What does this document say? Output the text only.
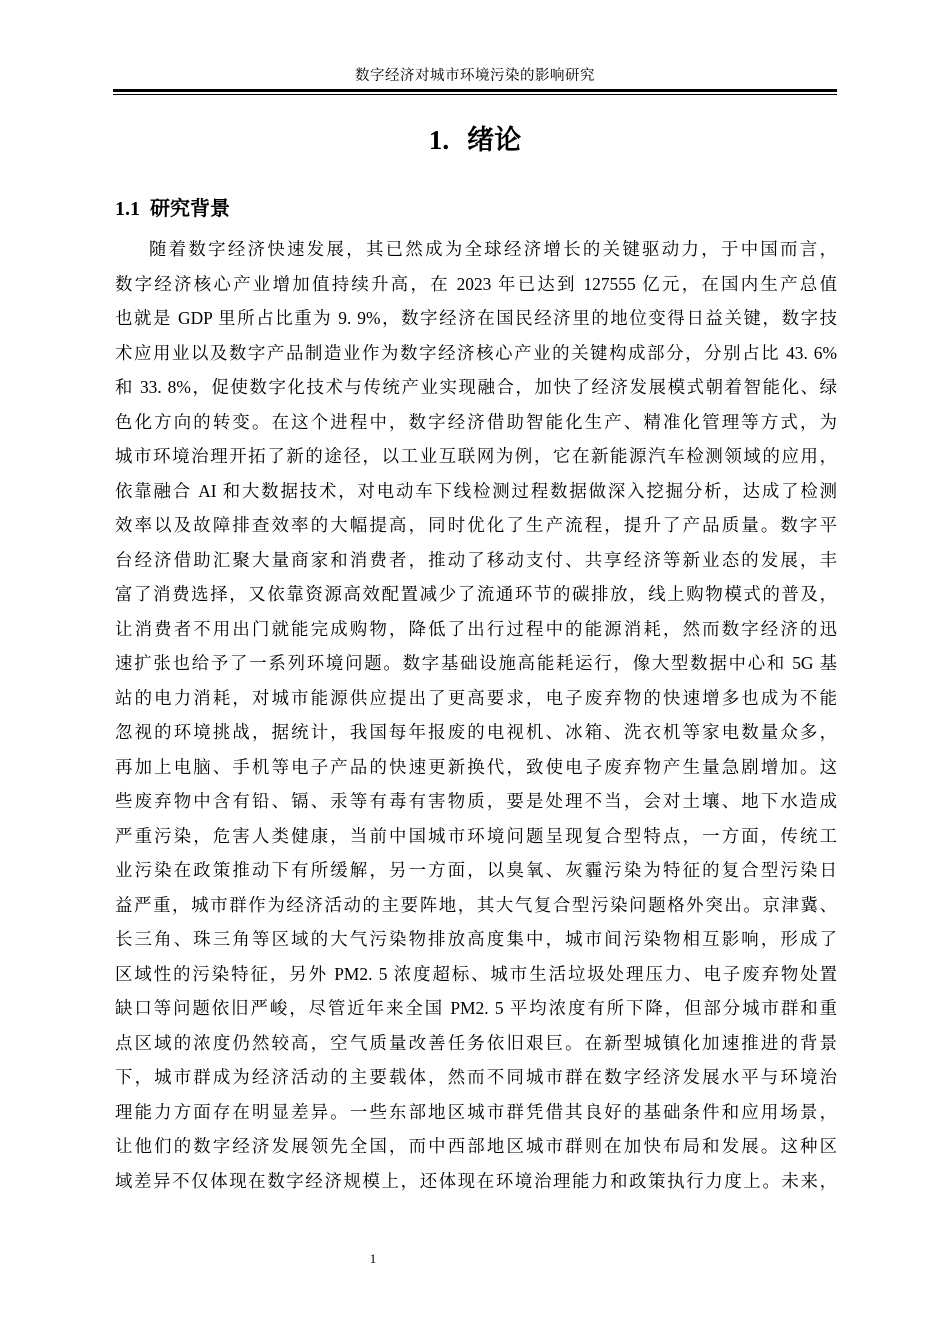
数字经济对城市环境污染的影响研究
1. 绪论
1.1 研究背景
随着数字经济快速发展，其已然成为全球经济增长的关键驱动力，于中国而言，
数字经济核心产业增加值持续升高，在 2023 年已达到 127555 亿元，在国内生产总值
也就是 GDP 里所占比重为 9. 9%，数字经济在国民经济里的地位变得日益关键，数字技
术应用业以及数字产品制造业作为数字经济核心产业的关键构成部分，分别占比 43. 6%
和 33. 8%，促使数字化技术与传统产业实现融合，加快了经济发展模式朝着智能化、绿
色化方向的转变。在这个进程中，数字经济借助智能化生产、精准化管理等方式，为
城市环境治理开拓了新的途径，以工业互联网为例，它在新能源汽车检测领域的应用，
依靠融合 AI 和大数据技术，对电动车下线检测过程数据做深入挖掘分析，达成了检测
效率以及故障排查效率的大幅提高，同时优化了生产流程，提升了产品质量。数字平
台经济借助汇聚大量商家和消费者，推动了移动支付、共享经济等新业态的发展，丰
富了消费选择，又依靠资源高效配置减少了流通环节的碳排放，线上购物模式的普及，
让消费者不用出门就能完成购物，降低了出行过程中的能源消耗，然而数字经济的迅
速扩张也给予了一系列环境问题。数字基础设施高能耗运行，像大型数据中心和 5G 基
站的电力消耗，对城市能源供应提出了更高要求，电子废弃物的快速增多也成为不能
忽视的环境挑战，据统计，我国每年报废的电视机、冰箱、洗衣机等家电数量众多，
再加上电脑、手机等电子产品的快速更新换代，致使电子废弃物产生量急剧增加。这
些废弃物中含有铅、镉、汞等有毒有害物质，要是处理不当，会对土壤、地下水造成
严重污染，危害人类健康，当前中国城市环境问题呈现复合型特点，一方面，传统工
业污染在政策推动下有所缓解，另一方面，以臭氧、灰霾污染为特征的复合型污染日
益严重，城市群作为经济活动的主要阵地，其大气复合型污染问题格外突出。京津冀、
长三角、珠三角等区域的大气污染物排放高度集中，城市间污染物相互影响，形成了
区域性的污染特征，另外 PM2. 5 浓度超标、城市生活垃圾处理压力、电子废弃物处置
缺口等问题依旧严峻，尽管近年来全国 PM2. 5 平均浓度有所下降，但部分城市群和重
点区域的浓度仍然较高，空气质量改善任务依旧艰巨。在新型城镇化加速推进的背景
下，城市群成为经济活动的主要载体，然而不同城市群在数字经济发展水平与环境治
理能力方面存在明显差异。一些东部地区城市群凭借其良好的基础条件和应用场景，
让他们的数字经济发展领先全国，而中西部地区城市群则在加快布局和发展。这种区
域差异不仅体现在数字经济规模上，还体现在环境治理能力和政策执行力度上。未来，
1
